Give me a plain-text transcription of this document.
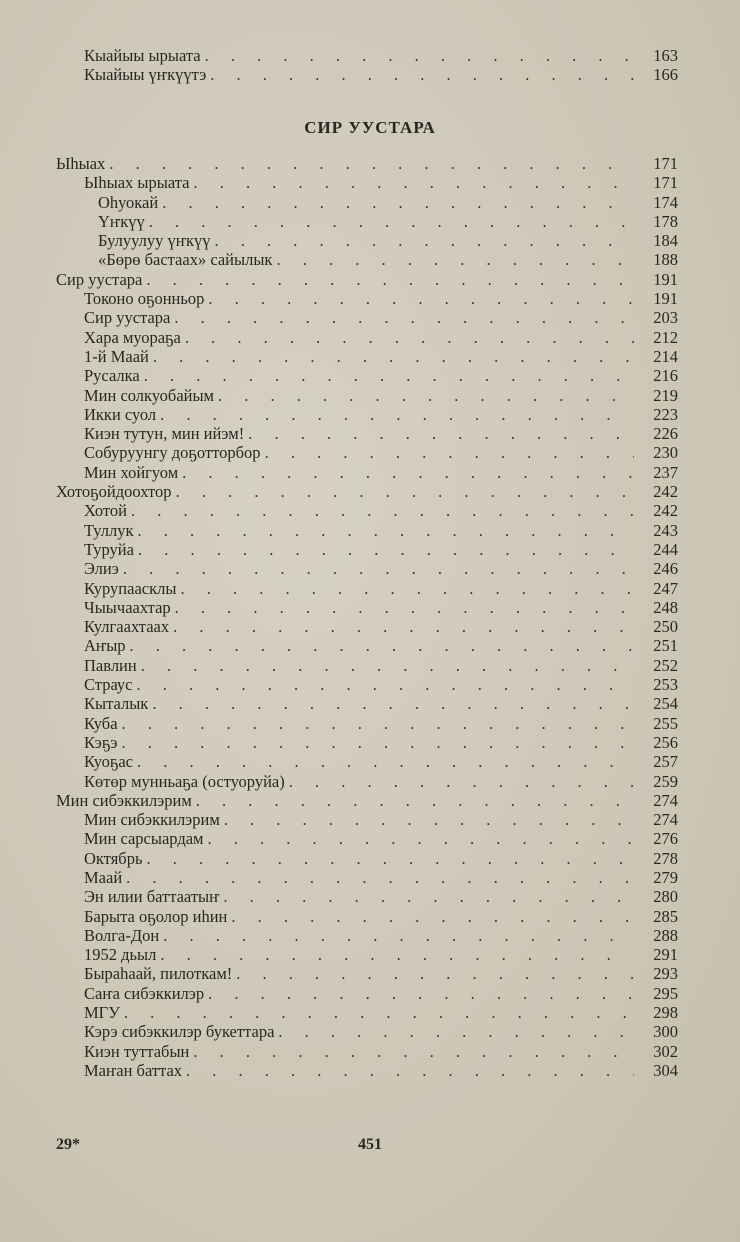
Кыайыы ырыата . . .	163
Кыайыы үҥкүүтэ . . .	166
СИР УУСТАРА
Ыһыах . . .	171
Ыһыах ырыата . . .	171
Оһуокай . . .	174
Үҥкүү . . .	178
Булуулуу үҥкүү . . .	184
«Бөрө бастаах» сайылык . . .	188
Сир уустара . . .	191
Токоно оҕонньор . . .	191
Сир уустара . . .	203
Хара муораҕа . . .	212
1-й Маай . . .	214
Русалка . . .	216
Мин солкуобайым . . .	219
Икки суол . . .	223
Киэн тутун, мин ийэм! . . .	226
Собуруунгу доҕотторбор . . .	230
Мин хойгуом . . .	237
Хотоҕойдоохтор . . .	242
Хотой . . .	242
Туллук . . .	243
Туруйа . . .	244
Элиэ . . .	246
Курупаасклы . . .	247
Чыычаахтар . . .	248
Кулгаахтаах . . .	250
Аҥыр . . .	251
Павлин . . .	252
Страус . . .	253
Кыталык . . .	254
Куба . . .	255
Кэҕэ . . .	256
Куоҕас . . .	257
Көтөр мунньаҕа (остуоруйа) . . .	259
Мин сибэккилэрим . . .	274
Мин сибэккилэрим . . .	274
Мин сарсыардам . . .	276
Октябрь . . .	278
Маай . . .	279
Эн илии баттаатыҥ . . .	280
Барыта оҕолор иһин . . .	285
Волга-Дон . . .	288
1952 дьыл . . .	291
Быраһаай, пилоткам! . . .	293
Саҥа сибэккилэр . . .	295
МГУ . . .	298
Кэрэ сибэккилэр букеттара . . .	300
Киэн туттабын . . .	302
Маҥан баттах . . .	304
29*	451
